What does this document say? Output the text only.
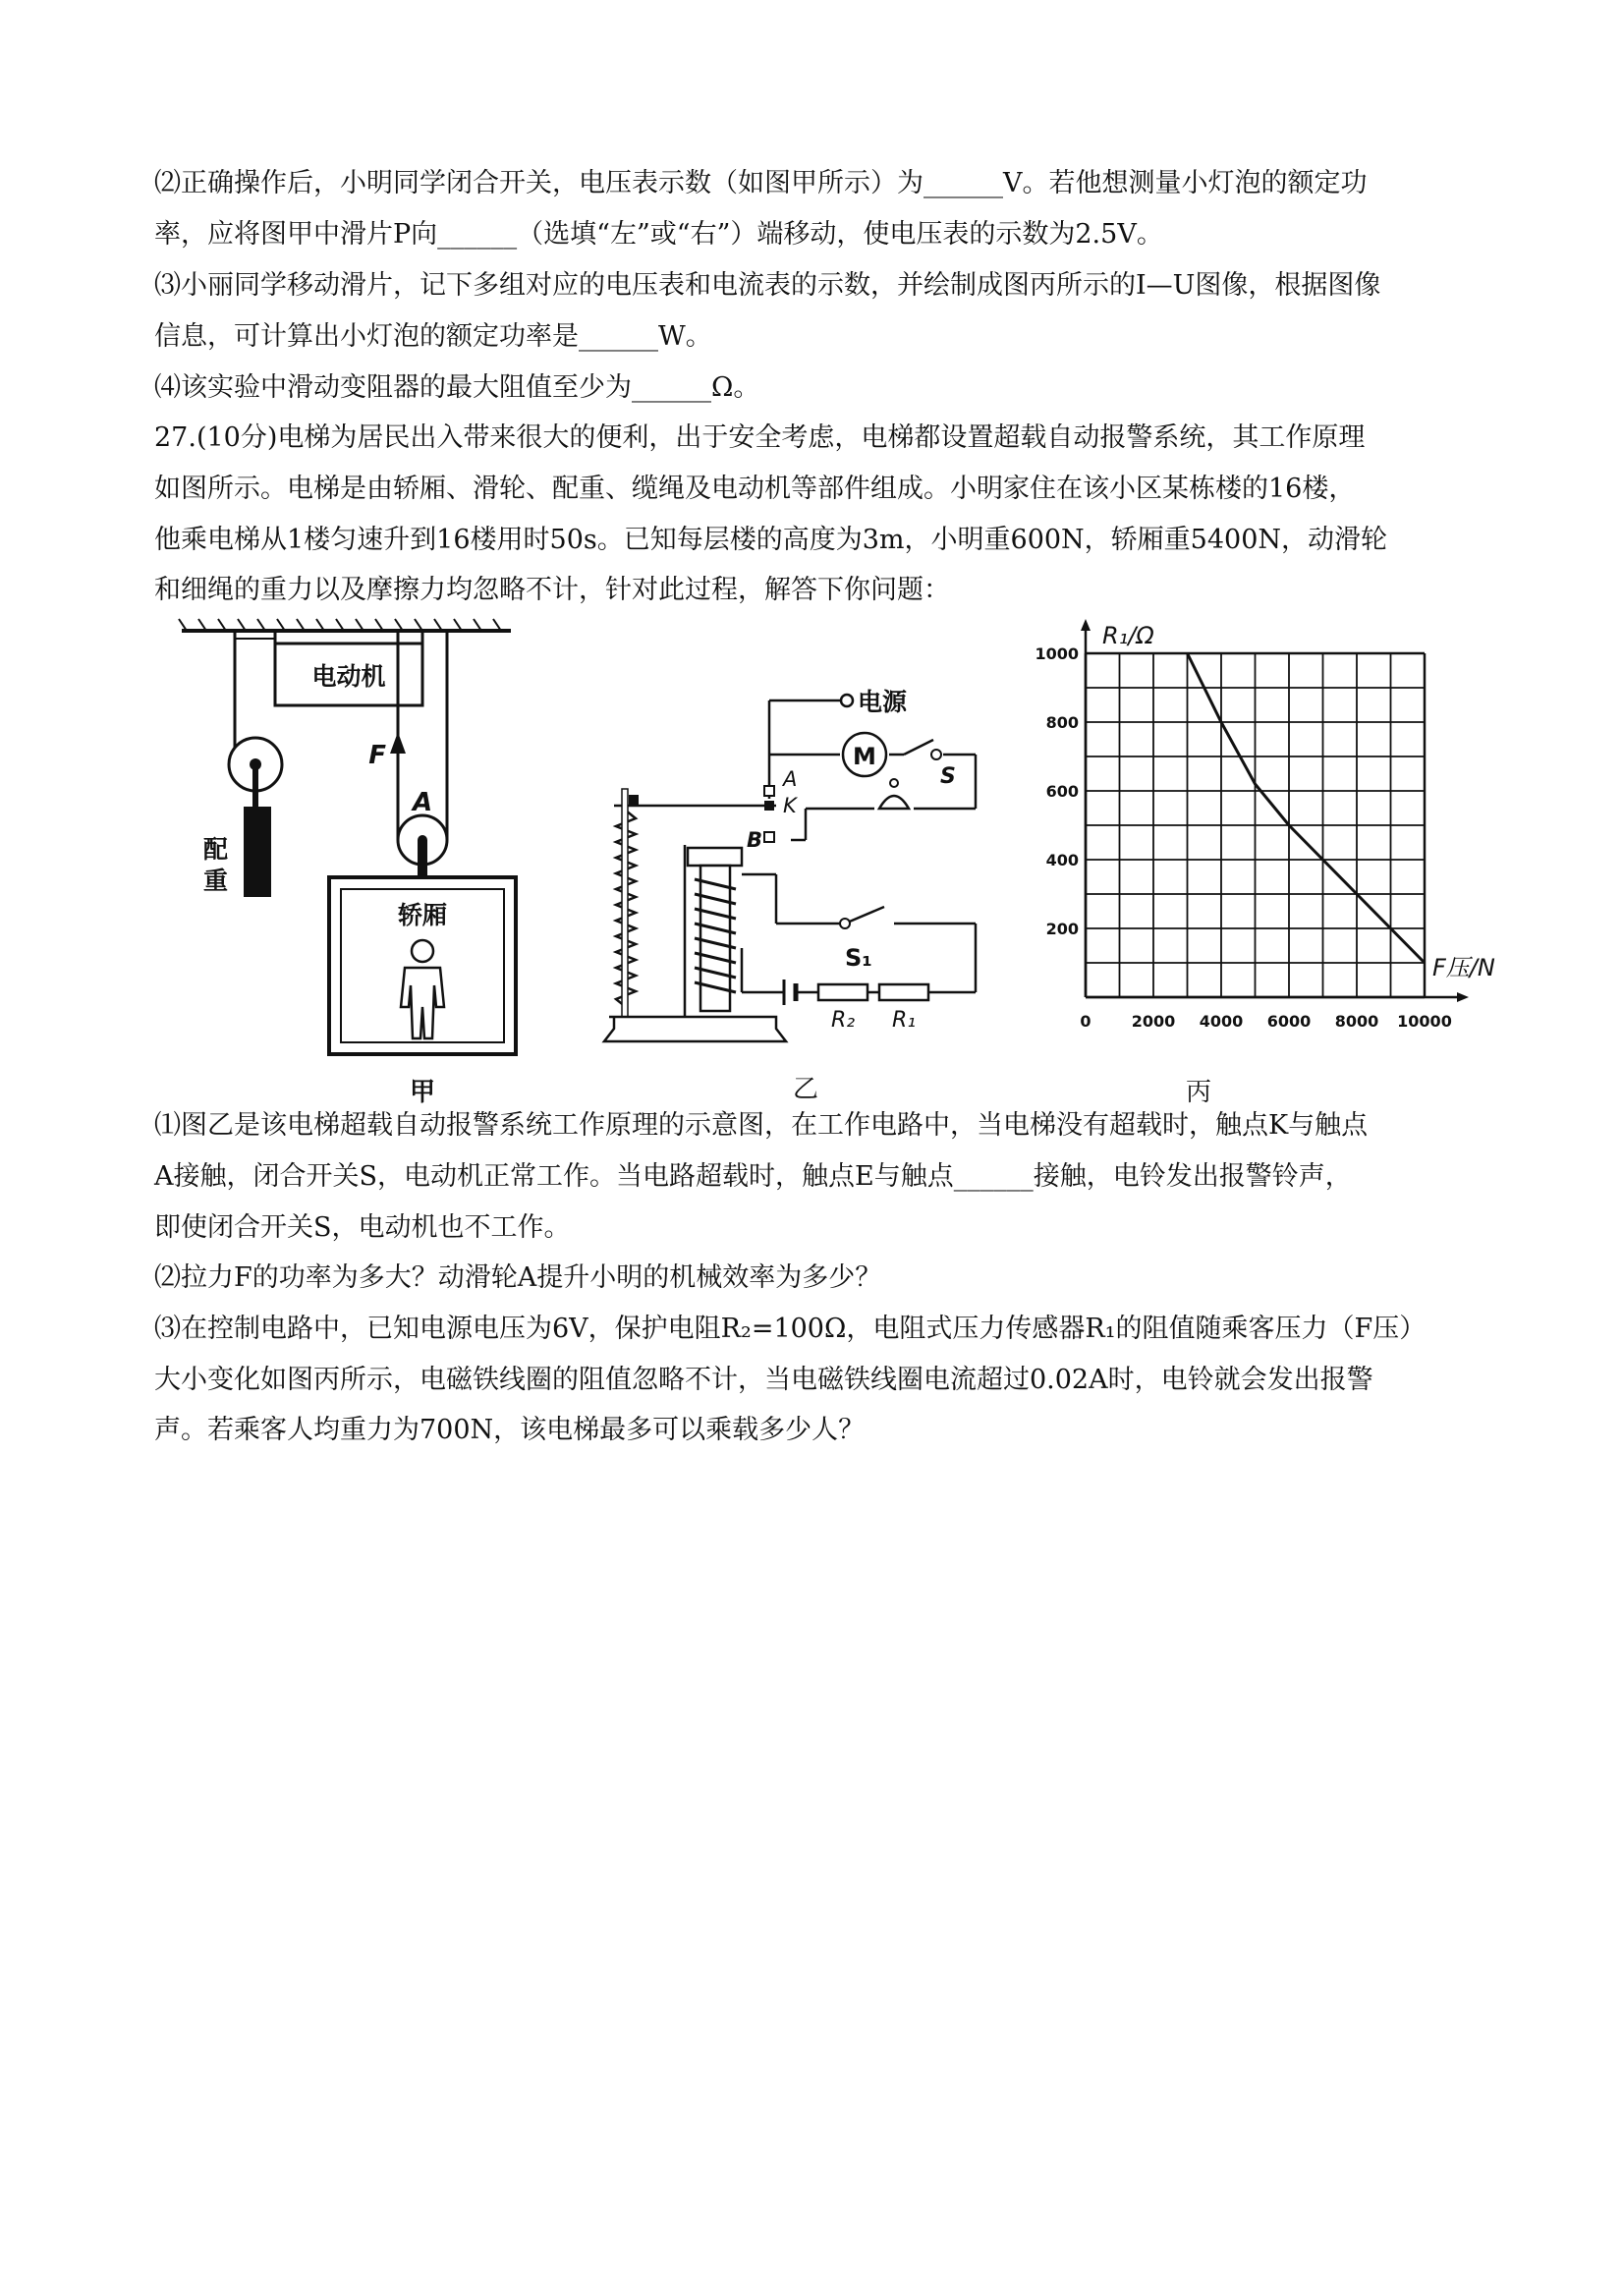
⑵正确操作后，小明同学闭合开关，电压表示数（如图甲所示）为______V。若他想测量小灯泡的额定功
率，应将图甲中滑片P向______（选填“左”或“右”）端移动，使电压表的示数为2.5V。
⑶小丽同学移动滑片，记下多组对应的电压表和电流表的示数，并绘制成图丙所示的I—U图像，根据图像
信息，可计算出小灯泡的额定功率是______W。
⑷该实验中滑动变阻器的最大阻值至少为______Ω。
27.(10分)电梯为居民出入带来很大的便利，出于安全考虑，电梯都设置超载自动报警系统，其工作原理
如图所示。电梯是由轿厢、滑轮、配重、缆绳及电动机等部件组成。小明家住在该小区某栋楼的16楼，
他乘电梯从1楼匀速升到16楼用时50s。已知每层楼的高度为3m，小明重600N，轿厢重5400N，动滑轮
和细绳的重力以及摩擦力均忽略不计，针对此过程，解答下你问题：
电动机
配
重
F
A
轿厢
甲
电源
M
S
A
K
B
S₁
R₂ R₁
乙
0	2000 4000 6000 8000 10000
200
400
600
800
1000
R₁/Ω
F压/N
丙
⑴图乙是该电梯超载自动报警系统工作原理的示意图，在工作电路中，当电梯没有超载时，触点K与触点
A接触，闭合开关S，电动机正常工作。当电路超载时，触点E与触点______接触，电铃发出报警铃声，
即使闭合开关S，电动机也不工作。
⑵拉力F的功率为多大？动滑轮A提升小明的机械效率为多少？
⑶在控制电路中，已知电源电压为6V，保护电阻R₂=100Ω，电阻式压力传感器R₁的阻值随乘客压力（F压）
大小变化如图丙所示，电磁铁线圈的阻值忽略不计，当电磁铁线圈电流超过0.02A时，电铃就会发出报警
声。若乘客人均重力为700N，该电梯最多可以乘载多少人？
